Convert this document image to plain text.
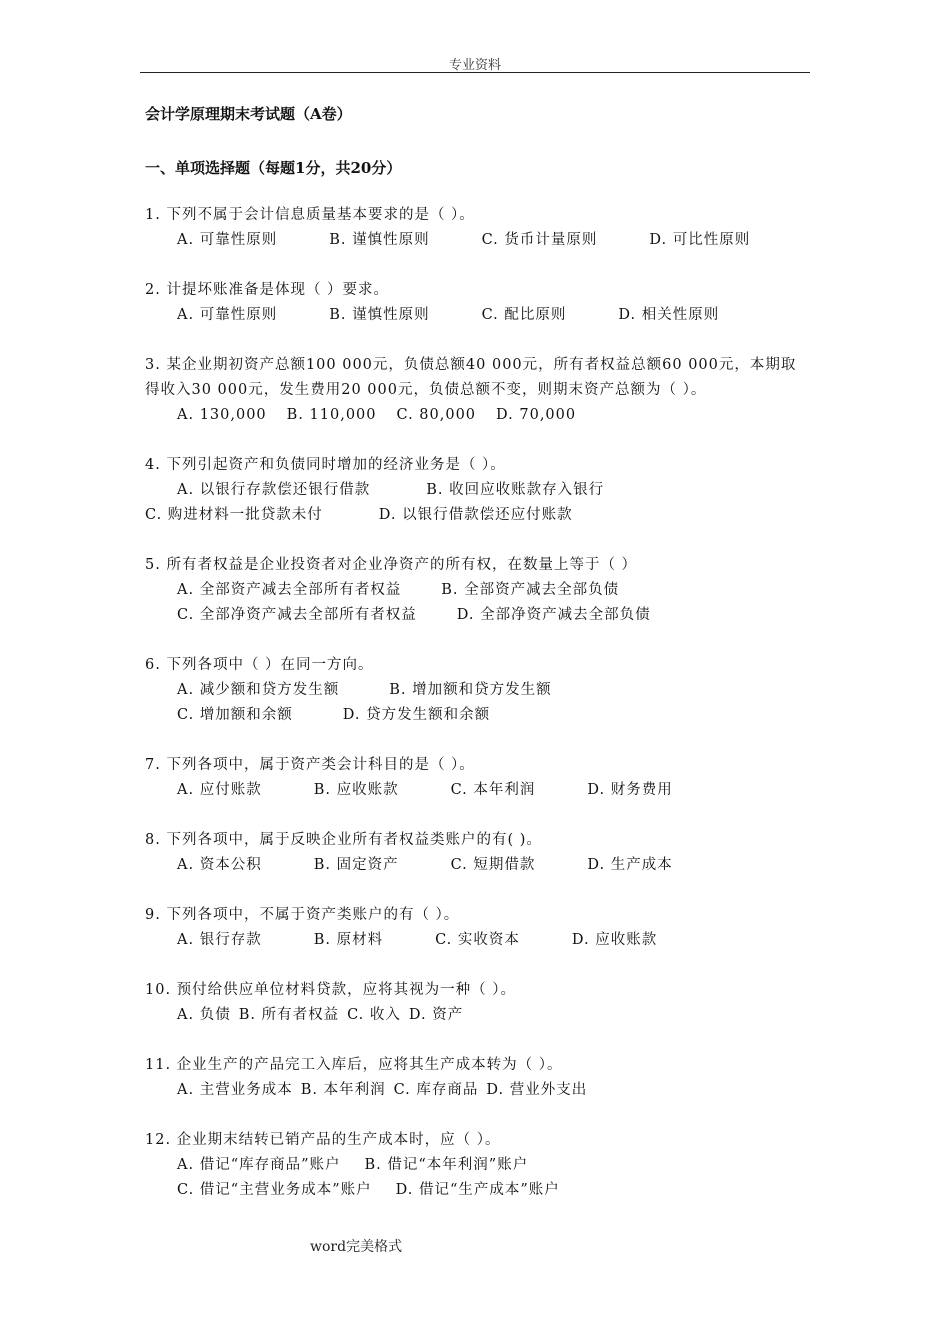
专业资料
会计学原理期末考试题（A卷）
一、单项选择题（每题1分，共20分）
1. 下列不属于会计信息质量基本要求的是（ ）。
A. 可靠性原则	B. 谨慎性原则	C. 货币计量原则	D. 可比性原则
2. 计提坏账准备是体现（ ）要求。
A. 可靠性原则	B. 谨慎性原则	C. 配比原则	D. 相关性原则
3. 某企业期初资产总额100 000元，负债总额40 000元，所有者权益总额60 000元，本期取得收入30 000元，发生费用20 000元，负债总额不变，则期末资产总额为（ ）。
A. 130,000 B. 110,000 C. 80,000 D. 70,000
4. 下列引起资产和负债同时增加的经济业务是（ ）。
A. 以银行存款偿还银行借款	B. 收回应收账款存入银行
C. 购进材料一批贷款未付	D. 以银行借款偿还应付账款
5. 所有者权益是企业投资者对企业净资产的所有权，在数量上等于（ ）
A. 全部资产减去全部所有者权益	B. 全部资产减去全部负债
C. 全部净资产减去全部所有者权益	D. 全部净资产减去全部负债
6. 下列各项中（ ）在同一方向。
A. 减少额和贷方发生额	B. 增加额和贷方发生额
C. 增加额和余额	D. 贷方发生额和余额
7. 下列各项中，属于资产类会计科目的是（ ）。
A. 应付账款	B. 应收账款	C. 本年利润	D. 财务费用
8. 下列各项中，属于反映企业所有者权益类账户的有( )。
A. 资本公积	B. 固定资产	C. 短期借款	D. 生产成本
9. 下列各项中，不属于资产类账户的有（ ）。
A. 银行存款	B. 原材料	C. 实收资本	D. 应收账款
10. 预付给供应单位材料贷款，应将其视为一种（ ）。
A. 负债 B. 所有者权益 C. 收入 D. 资产
11. 企业生产的产品完工入库后，应将其生产成本转为（ ）。
A. 主营业务成本 B. 本年利润 C. 库存商品 D. 营业外支出
12. 企业期末结转已销产品的生产成本时，应（ ）。
A. 借记“库存商品”账户 B. 借记“本年利润”账户
C. 借记“主营业务成本”账户 D. 借记“生产成本”账户
word完美格式
